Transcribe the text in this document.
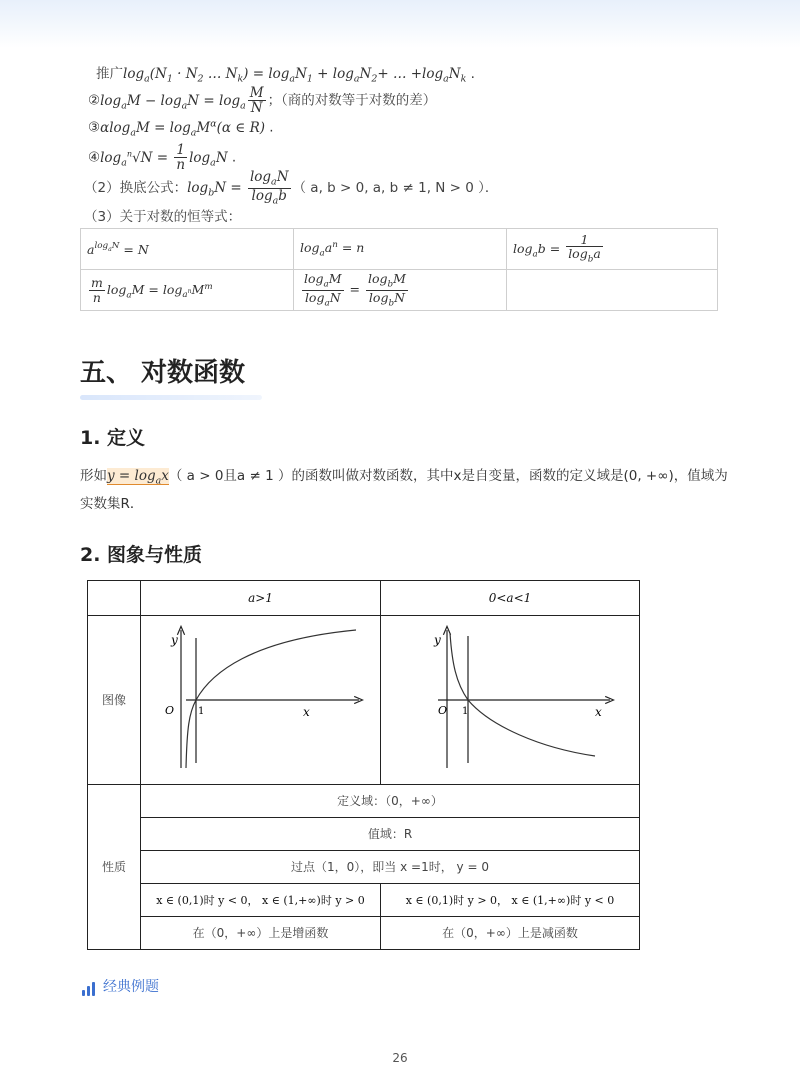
推广$\log_a(N_1 \cdot N_2$ … $N_k) = \log_aN_1 + \log_aN_2+$ … $+\log_aN_k$ .
$②\log_aM - \log_aN = \log_a \frac{M}{N}$ ；（商的对数等于对数的差）
③αlog$_a$M = $\log_aM^\alpha(\alpha$ ∈ R) .
$④\log_a^n√N = \frac{1}{n} \log_aN$ .
（2）换底公式：$\log_bN = \frac{\log_aN}{\log_ab}$ （ a, b > 0, a, b ≠ 1, N > 0 ）．
（3）关于对数的恒等式：
$a^{log_aN} = N$	$\log_aa^n = n$	$\log_ab = \frac{1}{\log_ba}$

$\frac{m}{n} \log_aM = \log_{a^n}M^m$	$\frac{\log_aM}{\log_aN} = \frac{\log_bM}{\log_bN}$

五、 对数函数
1. 定义
形如$y = \log_ax$（ a > 0且a ≠ 1 ）的函数叫做对数函数，其中x是自变量，函数的定义域是(0, +∞)，值域为
实数集R．
2. 图象与性质
	a>1	0<a<1
图像	y
O 1 x	y
O 1 x

性质	定义域：（0，+∞）	
	值域：R	
	过点（1，0），即当 x =1时， y = 0	
	x ∈ (0,1)时 y < 0， x ∈ (1,+∞)时 y > 0	x ∈ (0,1)时 y > 0， x ∈ (1,+∞)时 y < 0
	在（0，+∞）上是增函数	在（0，+∞）上是减函数
经典例题
26
